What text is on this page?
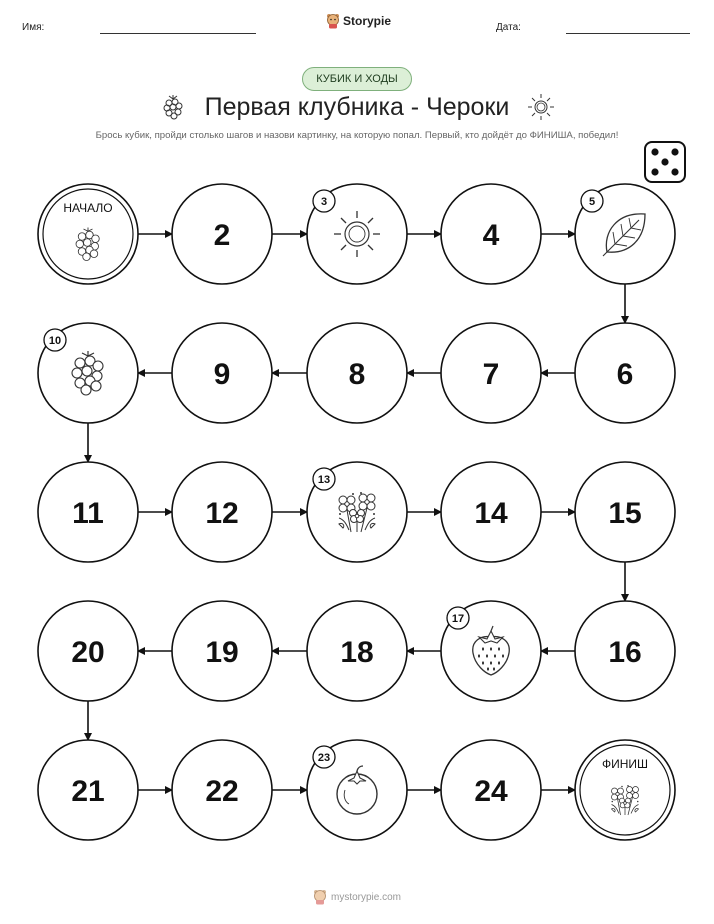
Имя:	Дата:
Storypie
КУБИК И ХОДЫ
Первая клубника - Чероки
Брось кубик, пройди столько шагов и назови картинку, на которую попал. Первый, кто дойдёт до ФИНИША, победил!
НАЧАЛО
2
3
4
5
6
7
8
9
10
11	12
13
14	15
16
17
18
19
20
21	22
23
24
ФИНИШ
mystorypie.com
